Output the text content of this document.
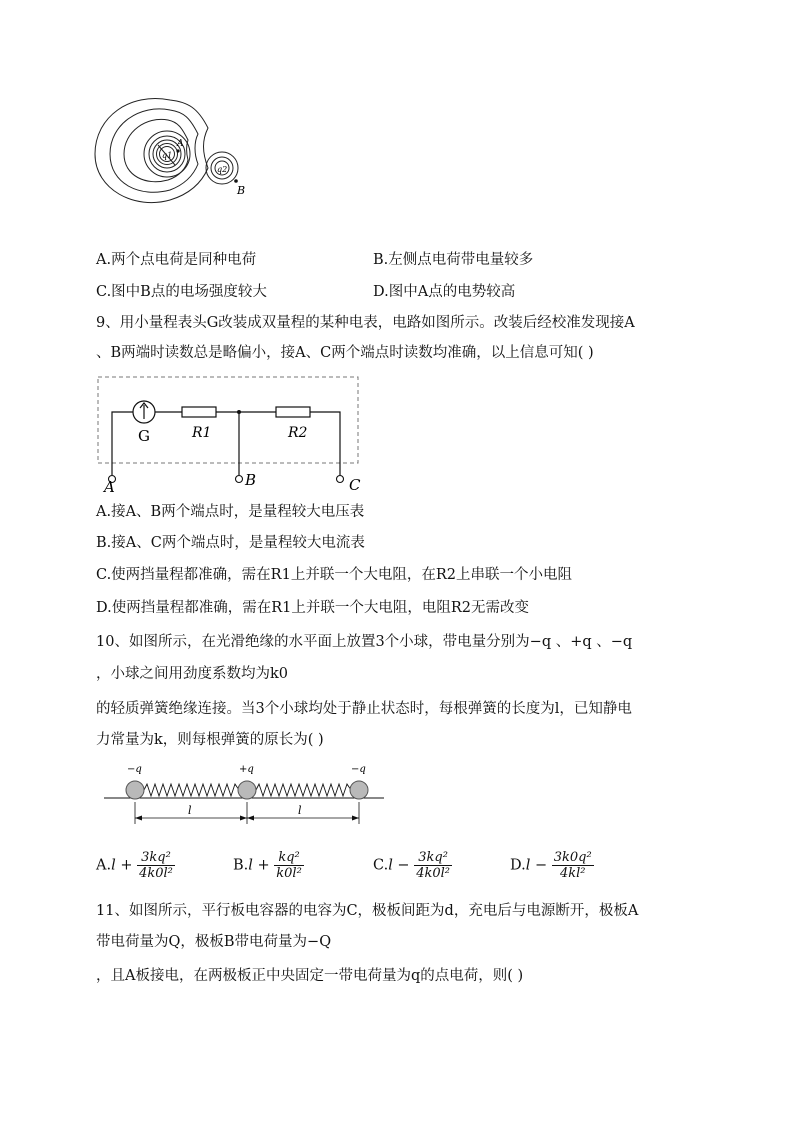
q1
q2
A
B
A.两个点电荷是同种电荷	B.左侧点电荷带电量较多
C.图中B点的电场强度较大	D.图中A点的电势较高
9、用小量程表头G改装成双量程的某种电表，电路如图所示。改装后经校准发现接A
、B两端时读数总是略偏小，接A、C两个端点时读数均准确，以上信息可知( )
G	R1	R2
A	B	C
A.接A、B两个端点时，是量程较大电压表
B.接A、C两个端点时，是量程较大电流表
C.使两挡量程都准确，需在R1上并联一个大电阻，在R2上串联一个小电阻
D.使两挡量程都准确，需在R1上并联一个大电阻，电阻R2无需改变
10、如图所示，在光滑绝缘的水平面上放置3个小球，带电量分别为−q 、+q 、−q
，小球之间用劲度系数均为k0
的轻质弹簧绝缘连接。当3个小球均处于静止状态时，每根弹簧的长度为l，已知静电
力常量为k，则每根弹簧的原长为( )
−q	+q	−q
l	l
$A.l + \frac{\text{3kq²}}{\text{4k0l²}}$	$B.l + \frac{\text{kq²}}{\text{k0l²}}$	$C.l - \frac{\text{3kq²}}{\text{4k0l²}}$	$D.l - \frac{\text{3k0q²}}{\text{4kl²}}$
11、如图所示，平行板电容器的电容为C，极板间距为d，充电后与电源断开，极板A
带电荷量为Q，极板B带电荷量为−Q
，且A板接电，在两极板正中央固定一带电荷量为q的点电荷，则( )
